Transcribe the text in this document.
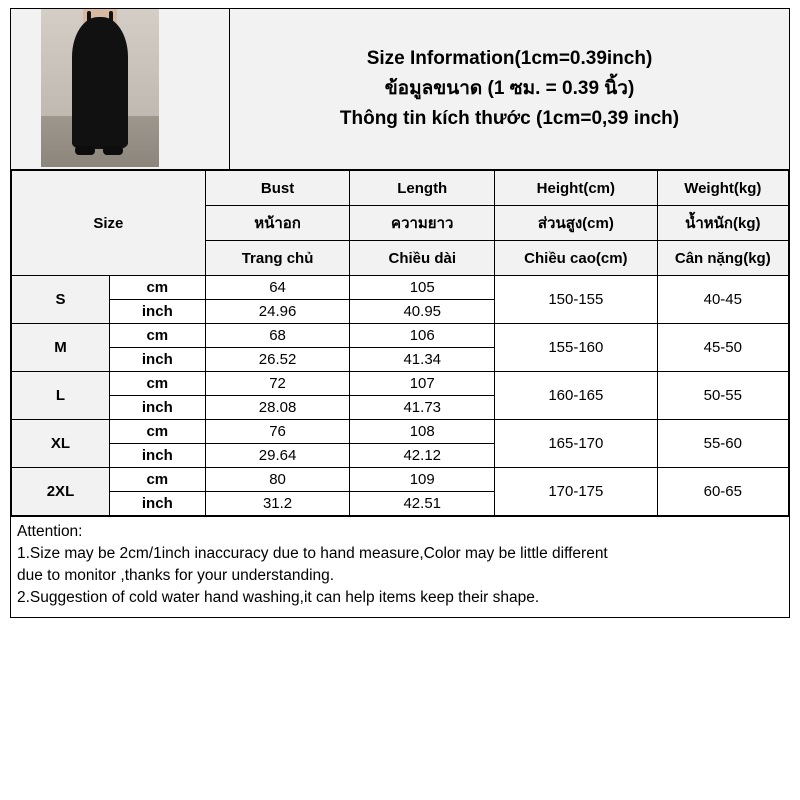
Size Information(1cm=0.39inch)
ข้อมูลขนาด (1 ซม. = 0.39 นิ้ว)
Thông tin kích thước (1cm=0,39 inch)
Size		Bust	Length	Height(cm)	Weight(kg)
		หน้าอก	ความยาว	ส่วนสูง(cm)	น้ำหนัก(kg)
		Trang chủ	Chiều dài	Chiều cao(cm)	Cân nặng(kg)
S	cm	64	105	150-155	40-45
	inch	24.96	40.95		
M	cm	68	106	155-160	45-50
	inch	26.52	41.34		
L	cm	72	107	160-165	50-55
	inch	28.08	41.73		
XL	cm	76	108	165-170	55-60
	inch	29.64	42.12		
2XL	cm	80	109	170-175	60-65
	inch	31.2	42.51		
Attention:
1.Size may be 2cm/1inch inaccuracy due to hand measure,Color may be little different
due to monitor ,thanks for your understanding.
2.Suggestion of cold water hand washing,it can help items keep their shape.
